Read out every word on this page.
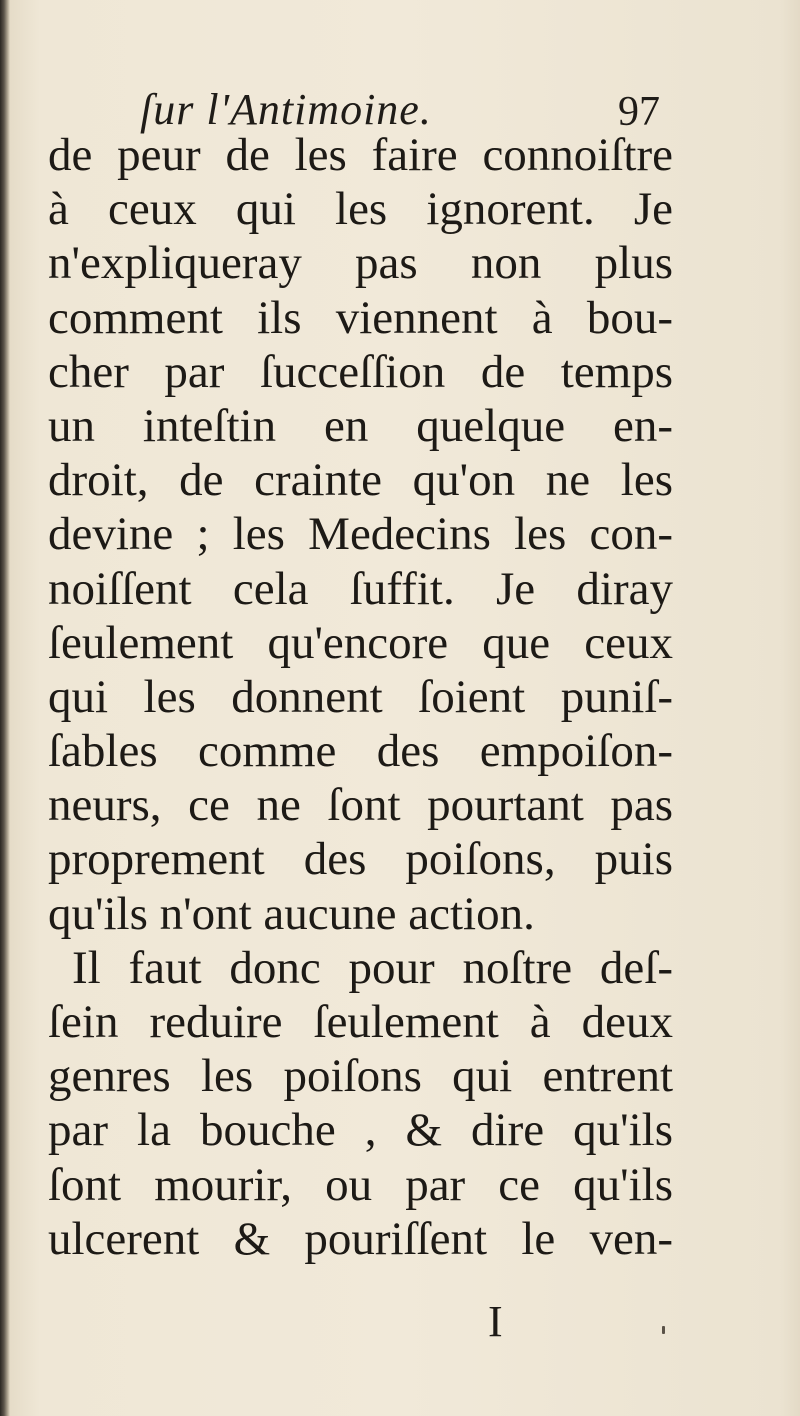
ſur l'Antimoine.	97
de peur de les faire connoiſtre
à ceux qui les ignorent. Je
n'expliqueray pas non plus
comment ils viennent à bou-
cher par ſucceſſion de temps
un inteſtin en quelque en-
droit, de crainte qu'on ne les
devine ; les Medecins les con-
noiſſent cela ſuffit. Je diray
ſeulement qu'encore que ceux
qui les donnent ſoient puniſ-
ſables comme des empoiſon-
neurs, ce ne ſont pourtant pas
proprement des poiſons, puis
qu'ils n'ont aucune action.
Il faut donc pour noſtre deſ-
ſein reduire ſeulement à deux
genres les poiſons qui entrent
par la bouche , & dire qu'ils
ſont mourir, ou par ce qu'ils
ulcerent & pouriſſent le ven-
I
